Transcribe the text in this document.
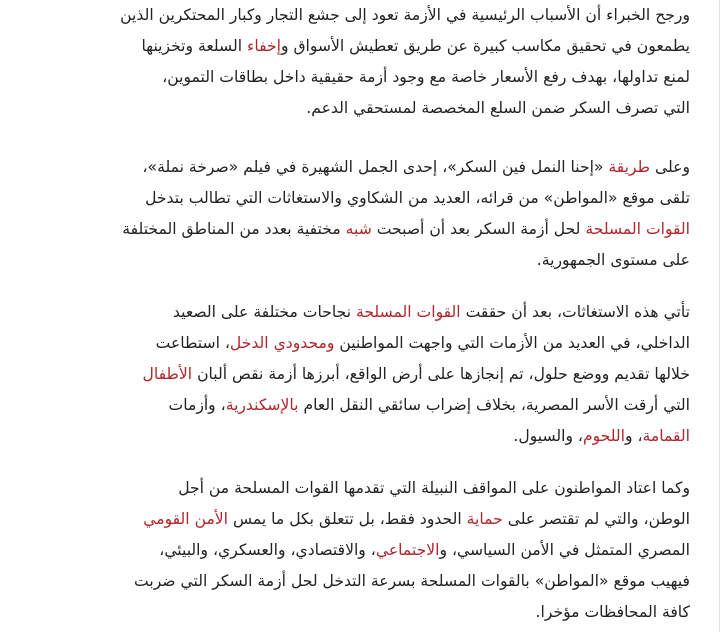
ورجح الخبراء أن الأسباب الرئيسية في الأزمة تعود إلى جشع التجار وكبار المحتكرين الذين
يطمعون في تحقيق مكاسب كبيرة عن طريق تعطيش الأسواق وإخفاء السلعة وتخزينها
لمنع تداولها، بهدف رفع الأسعار خاصة مع وجود أزمة حقيقية داخل بطاقات التموين،
التي تصرف السكر ضمن السلع المخصصة لمستحقي الدعم.

وعلى طريقة «إحنا النمل فين السكر»، إحدى الجمل الشهيرة في فيلم «صرخة نملة»،
تلقى موقع «المواطن» من قرائه، العديد من الشكاوي والاستغاثات التي تطالب بتدخل
القوات المسلحة لحل أزمة السكر بعد أن أصبحت شبه مختفية بعدد من المناطق المختلفة
على مستوى الجمهورية.

تأتي هذه الاستغاثات، بعد أن حققت القوات المسلحة نجاحات مختلفة على الصعيد
الداخلي، في العديد من الأزمات التي واجهت المواطنين ومحدودي الدخل، استطاعت
خلالها تقديم ووضع حلول، تم إنجازها على أرض الواقع، أبرزها أزمة نقص ألبان الأطفال
التي أرقت الأسر المصرية، بخلاف إضراب سائقي النقل العام بالإسكندرية، وأزمات
القمامة، واللحوم، والسيول.

وكما اعتاد المواطنون على المواقف النبيلة التي تقدمها القوات المسلحة من أجل
الوطن، والتي لم تقتصر على حماية الحدود فقط، بل تتعلق بكل ما يمس الأمن القومي
المصري المتمثل في الأمن السياسي، والاجتماعي، والاقتصادي، والعسكري، والبيئي،
فيهيب موقع «المواطن» بالقوات المسلحة بسرعة التدخل لحل أزمة السكر التي ضربت
كافة المحافظات مؤخرا.
